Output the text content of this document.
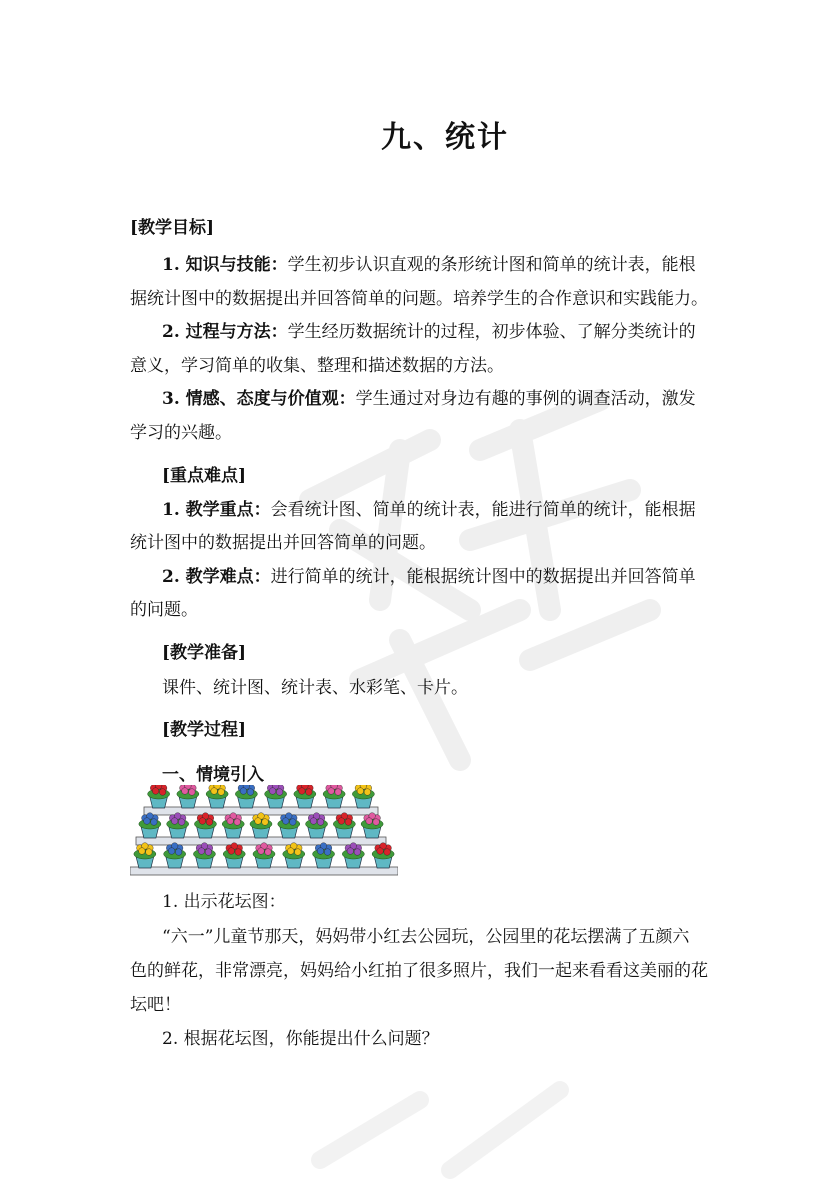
九、统计
[教学目标]
1. 知识与技能：学生初步认识直观的条形统计图和简单的统计表，能根
据统计图中的数据提出并回答简单的问题。培养学生的合作意识和实践能力。
2. 过程与方法：学生经历数据统计的过程，初步体验、了解分类统计的
意义，学习简单的收集、整理和描述数据的方法。
3. 情感、态度与价值观：学生通过对身边有趣的事例的调查活动，激发
学习的兴趣。
[重点难点]
1. 教学重点：会看统计图、简单的统计表，能进行简单的统计，能根据
统计图中的数据提出并回答简单的问题。
2. 教学难点：进行简单的统计，能根据统计图中的数据提出并回答简单
的问题。
[教学准备]
课件、统计图、统计表、水彩笔、卡片。
[教学过程]
一、情境引入
1. 出示花坛图：
“六一”儿童节那天，妈妈带小红去公园玩，公园里的花坛摆满了五颜六
色的鲜花，非常漂亮，妈妈给小红拍了很多照片，我们一起来看看这美丽的花
坛吧！
2. 根据花坛图，你能提出什么问题？
